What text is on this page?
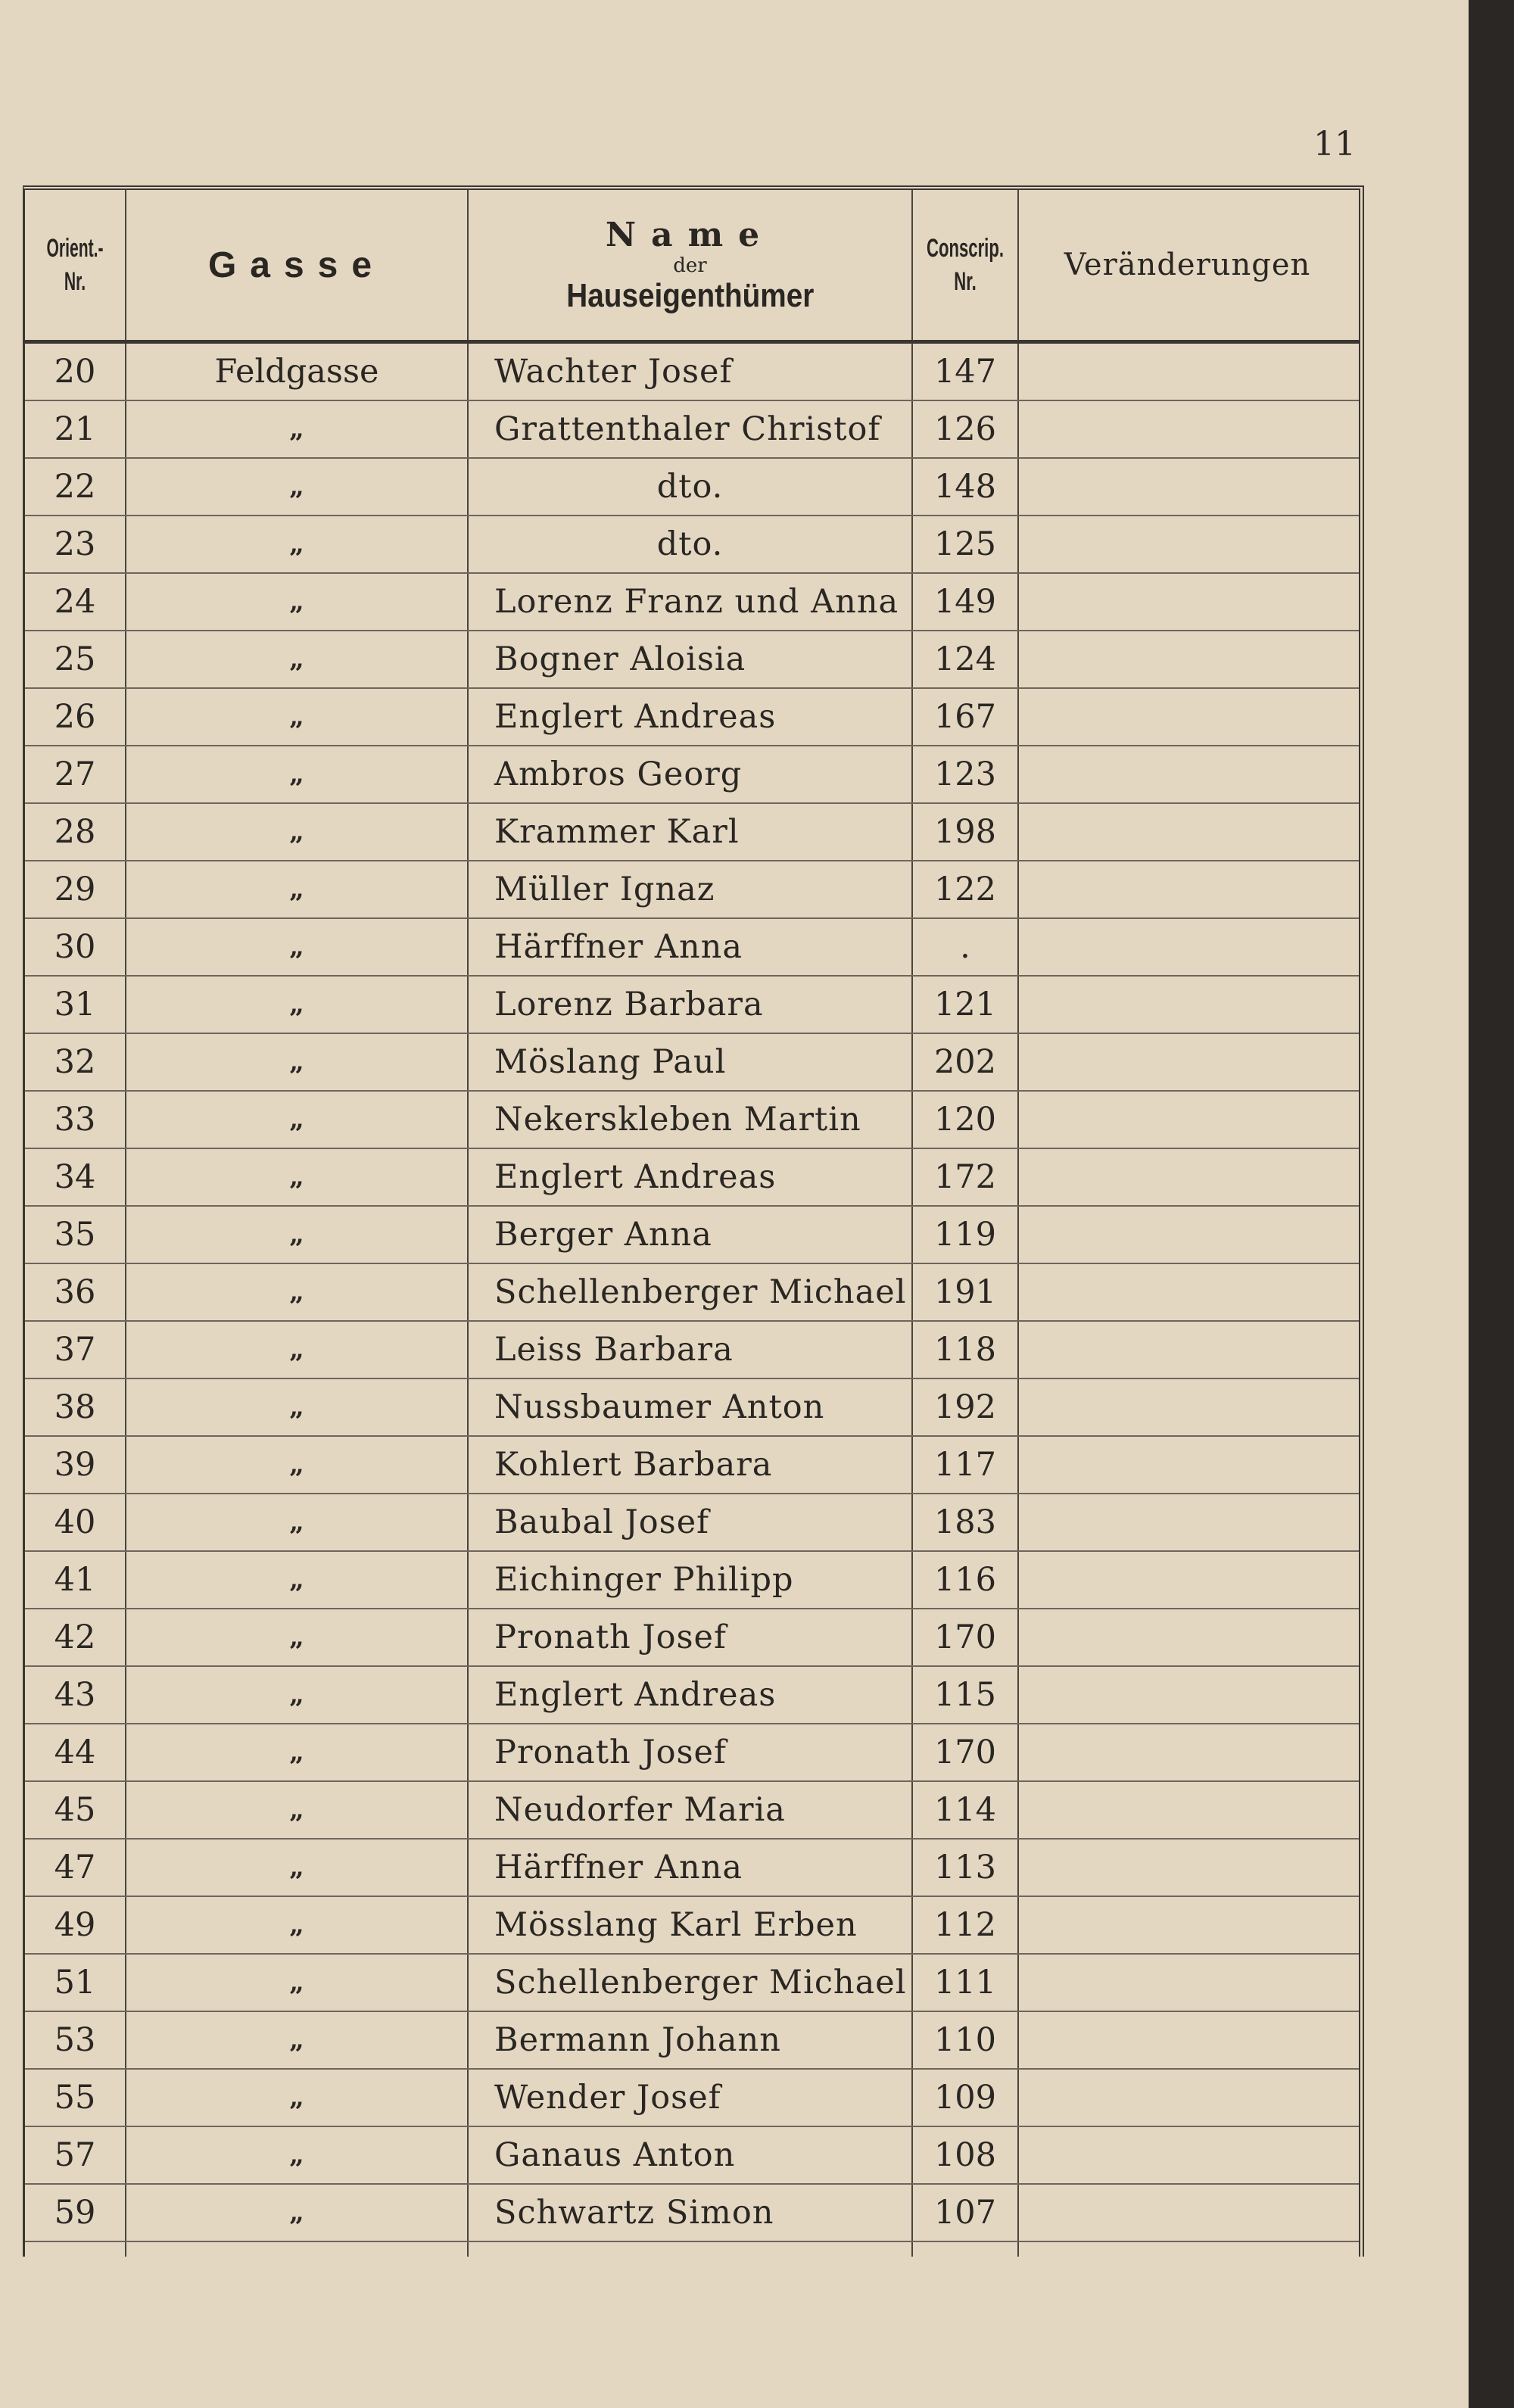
11
Orient.-
Nr.	Gasse
Name
der
Hauseigenthümer
Conscrip.
Nr.	Veränderungen
20	Feldgasse	Wachter Josef	147
21	„	Grattenthaler Christof	126
22	„	dto.	148
23	„	dto.	125
24	„	Lorenz Franz und Anna	149
25	„	Bogner Aloisia	124
26	„	Englert Andreas	167
27	„	Ambros Georg	123
28	„	Krammer Karl	198
29	„	Müller Ignaz	122
30	„	Härffner Anna	.
31	„	Lorenz Barbara	121
32	„	Möslang Paul	202
33	„	Nekerskleben Martin	120
34	„	Englert Andreas	172
35	„	Berger Anna	119
36	„	Schellenberger Michael 191
37	„	Leiss Barbara	118
38	„	Nussbaumer Anton	192
39	„	Kohlert Barbara	117
40	„	Baubal Josef	183
41	„	Eichinger Philipp	116
42	„	Pronath Josef	170
43	„	Englert Andreas	115
44	„	Pronath Josef	170
45	„	Neudorfer Maria	114
47	„	Härffner Anna	113
49	„	Mösslang Karl Erben	112
51	„	Schellenberger Michael 111
53	„	Bermann Johann	110
55	„	Wender Josef	109
57	„	Ganaus Anton	108
59	„	Schwartz Simon	107
